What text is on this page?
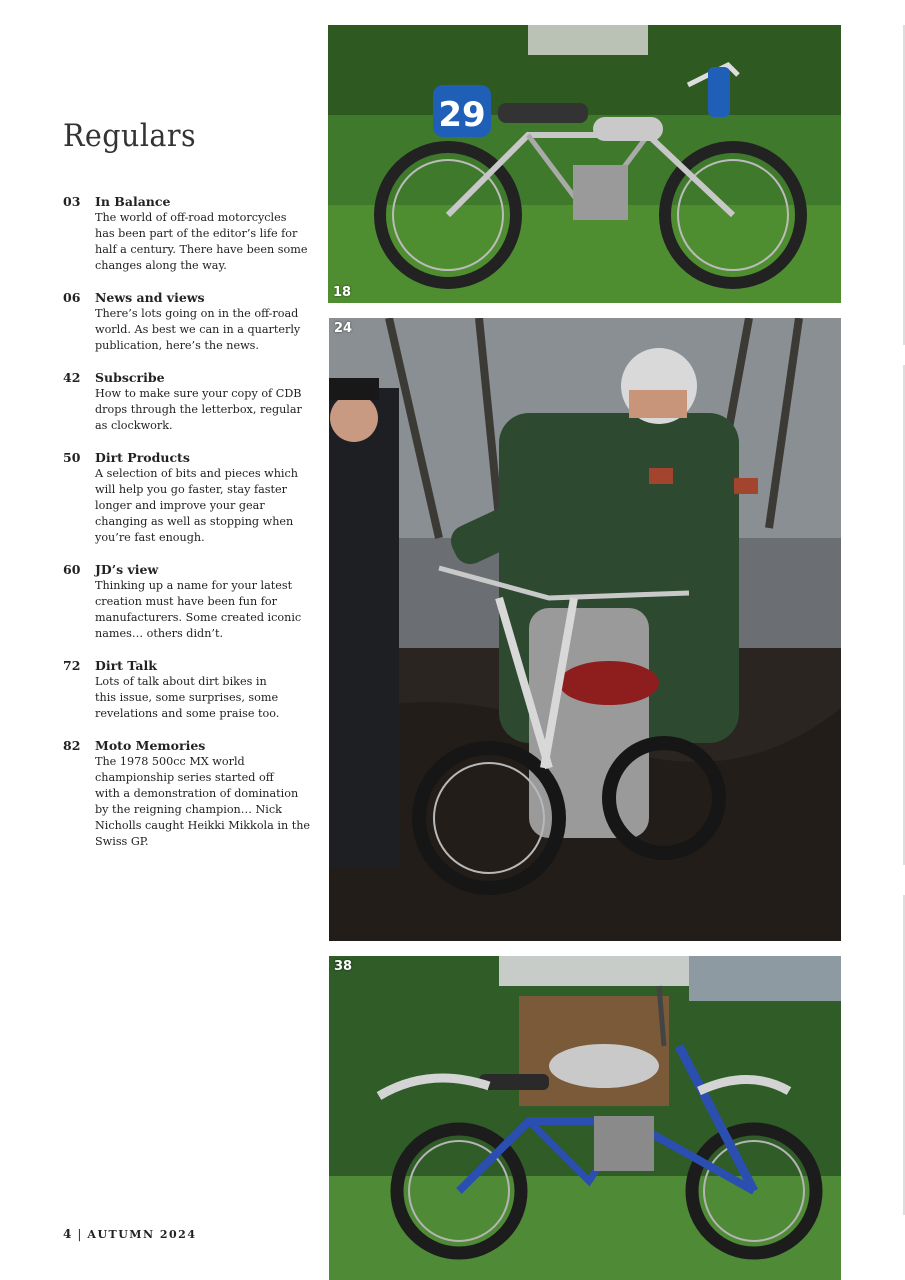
Regulars
03	In Balance
The world of off-road motorcycles
has been part of the editor’s life for
half a century. There have been some
changes along the way.
06	News and views
There’s lots going on in the off-road
world. As best we can in a quarterly
publication, here’s the news.
42	Subscribe
How to make sure your copy of CDB
drops through the letterbox, regular
as clockwork.
50	Dirt Products
A selection of bits and pieces which
will help you go faster, stay faster
longer and improve your gear
changing as well as stopping when
you’re fast enough.
60	JD’s view
Thinking up a name for your latest
creation must have been fun for
manufacturers. Some created iconic
names… others didn’t.
72	Dirt Talk
Lots of talk about dirt bikes in
this issue, some surprises, some
revelations and some praise too.
82	Moto Memories
The 1978 500cc MX world
championship series started off
with a demonstration of domination
by the reigning champion… Nick
Nicholls caught Heikki Mikkola in the
Swiss GP.
29
18
24
38
4 | AUTUMN 2024
